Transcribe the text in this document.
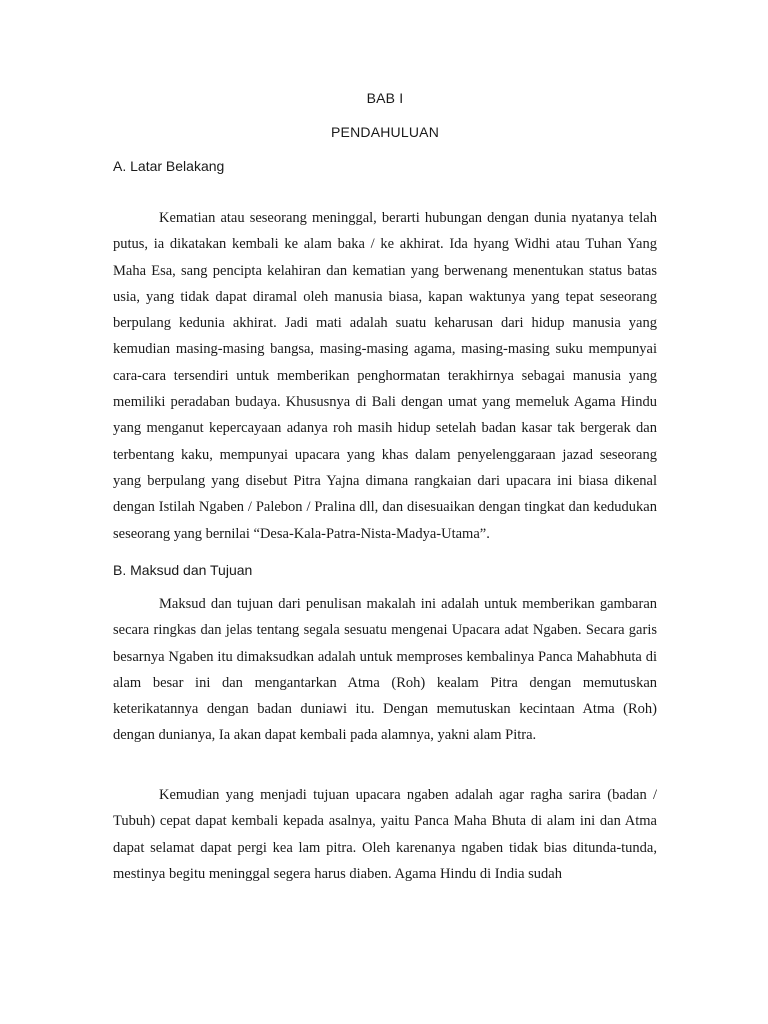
BAB I
PENDAHULUAN
A. Latar Belakang

Kematian atau seseorang meninggal, berarti hubungan dengan dunia nyatanya telah putus, ia dikatakan kembali ke alam baka / ke akhirat. Ida hyang Widhi atau Tuhan Yang Maha Esa, sang pencipta kelahiran dan kematian yang berwenang menentukan status batas usia, yang tidak dapat diramal oleh manusia biasa, kapan waktunya yang tepat seseorang berpulang kedunia akhirat. Jadi mati adalah suatu keharusan dari hidup manusia yang kemudian masing-masing bangsa, masing-masing agama, masing-masing suku mempunyai cara-cara tersendiri untuk memberikan penghormatan terakhirnya sebagai manusia yang memiliki peradaban budaya. Khususnya di Bali dengan umat yang memeluk Agama Hindu yang menganut kepercayaan adanya roh masih hidup setelah badan kasar tak bergerak dan terbentang kaku, mempunyai upacara yang khas dalam penyelenggaraan jazad seseorang yang berpulang yang disebut Pitra Yajna dimana rangkaian dari upacara ini biasa dikenal dengan Istilah Ngaben / Palebon / Pralina dll, dan disesuaikan dengan tingkat dan kedudukan seseorang yang bernilai “Desa-Kala-Patra-Nista-Madya-Utama”.

B. Maksud dan Tujuan

Maksud dan tujuan dari penulisan makalah ini adalah untuk memberikan gambaran secara ringkas dan jelas tentang segala sesuatu mengenai Upacara adat Ngaben. Secara garis besarnya Ngaben itu dimaksudkan adalah untuk memproses kembalinya Panca Mahabhuta di alam besar ini dan mengantarkan Atma (Roh) kealam Pitra dengan memutuskan keterikatannya dengan badan duniawi itu. Dengan memutuskan kecintaan Atma (Roh) dengan dunianya, Ia akan dapat kembali pada alamnya, yakni alam Pitra.

Kemudian yang menjadi tujuan upacara ngaben adalah agar ragha sarira (badan / Tubuh) cepat dapat kembali kepada asalnya, yaitu Panca Maha Bhuta di alam ini dan Atma dapat selamat dapat pergi kea lam pitra. Oleh karenanya ngaben tidak bias ditunda-tunda, mestinya begitu meninggal segera harus diaben. Agama Hindu di India sudah
